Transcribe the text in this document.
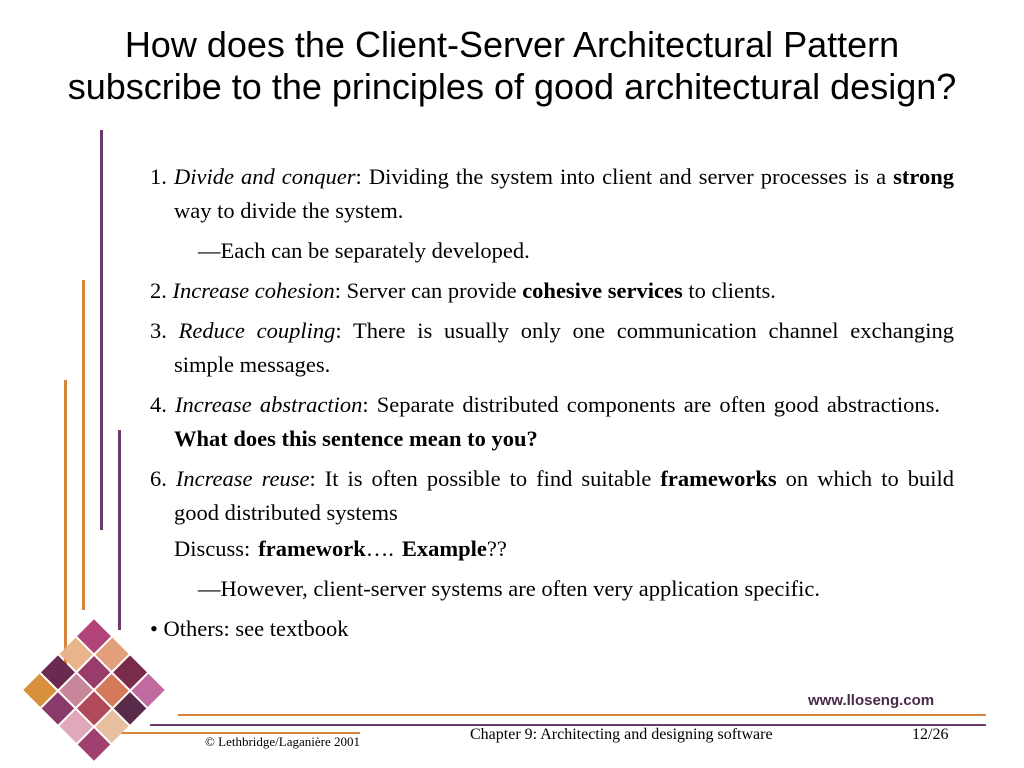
How does the Client-Server Architectural Pattern
subscribe to the principles of good architectural design?
1. Divide and conquer: Dividing the system into client and server processes is a strong way to divide the system.
—Each can be separately developed.
2. Increase cohesion: Server can provide cohesive services to clients.
3. Reduce coupling: There is usually only one communication channel exchanging simple messages.
4. Increase abstraction: Separate distributed components are often good abstractions.What does this sentence mean to you?
6. Increase reuse: It is often possible to find suitable frameworks on which to build good distributed systems
Discuss: framework…. Example??
—However, client-server systems are often very application specific.
• Others: see textbook
www.lloseng.com
© Lethbridge/Laganière 2001	Chapter 9: Architecting and designing software	12/26
